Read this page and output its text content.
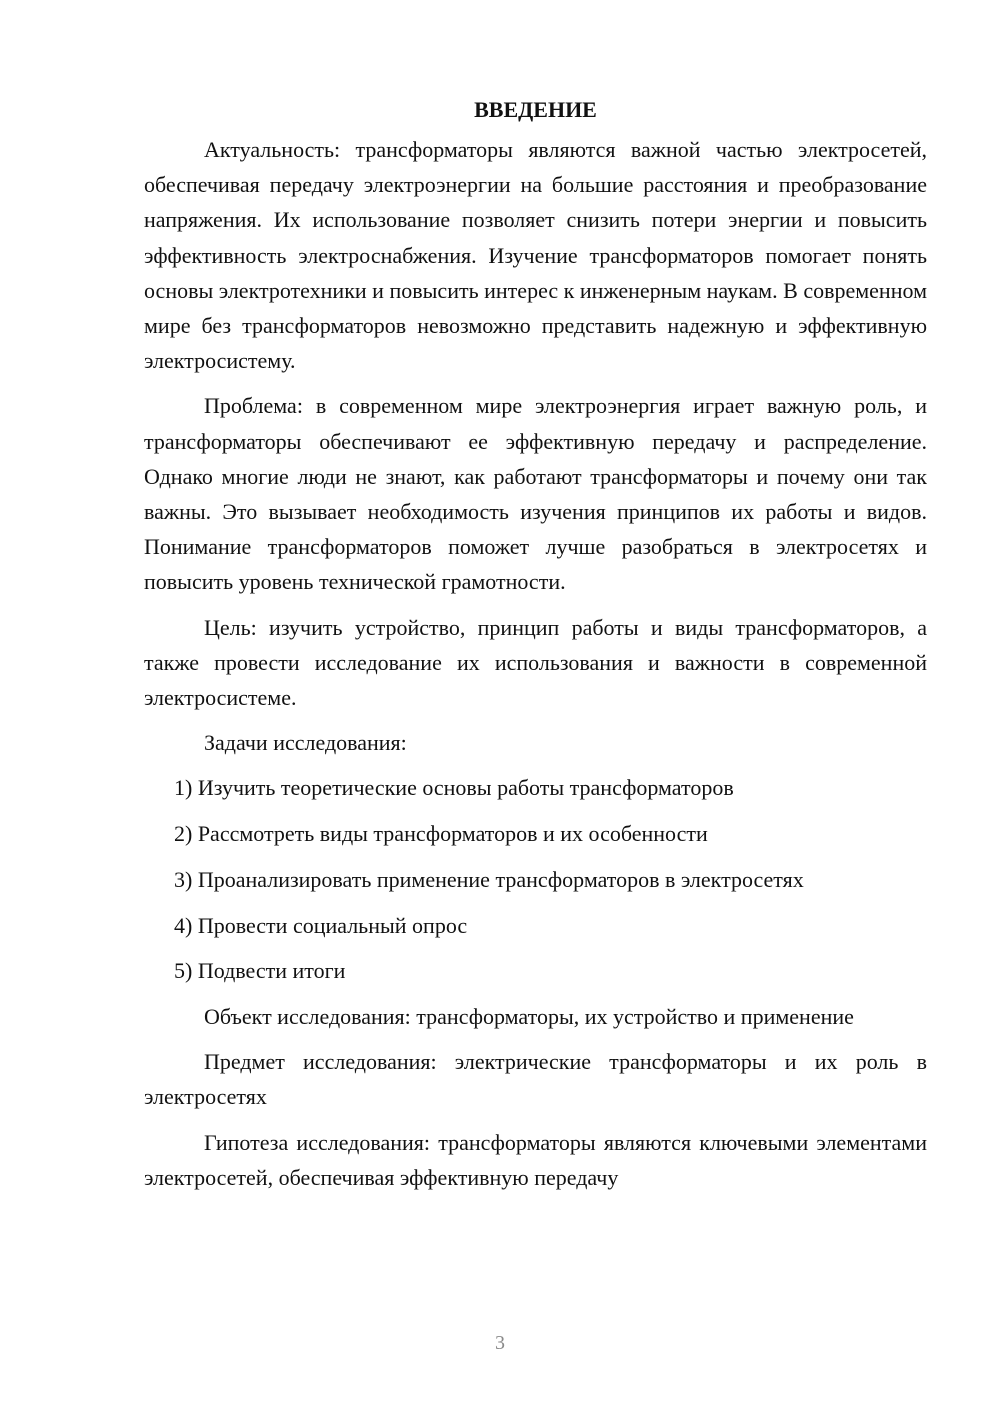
ВВЕДЕНИЕ

Актуальность: трансформаторы являются важной частью электросетей, обеспечивая передачу электроэнергии на большие расстояния и преобразование напряжения. Их использование позволяет снизить потери энергии и повысить эффективность электроснабжения. Изучение трансформаторов помогает понять основы электротехники и повысить интерес к инженерным наукам. В современном мире без трансформаторов невозможно представить надежную и эффективную электросистему.

Проблема: в современном мире электроэнергия играет важную роль, и трансформаторы обеспечивают ее эффективную передачу и распределение. Однако многие люди не знают, как работают трансформаторы и почему они так важны. Это вызывает необходимость изучения принципов их работы и видов. Понимание трансформаторов поможет лучше разобраться в электросетях и повысить уровень технической грамотности.

Цель: изучить устройство, принцип работы и виды трансформаторов, а также провести исследование их использования и важности в современной электросистеме.

Задачи исследования:
1) Изучить теоретические основы работы трансформаторов
2) Рассмотреть виды трансформаторов и их особенности
3) Проанализировать применение трансформаторов в электросетях
4) Провести социальный опрос
5) Подвести итоги

Объект исследования: трансформаторы, их устройство и применение

Предмет исследования: электрические трансформаторы и их роль в электросетях

Гипотеза исследования: трансформаторы являются ключевыми элементами электросетей, обеспечивая эффективную передачу

3
